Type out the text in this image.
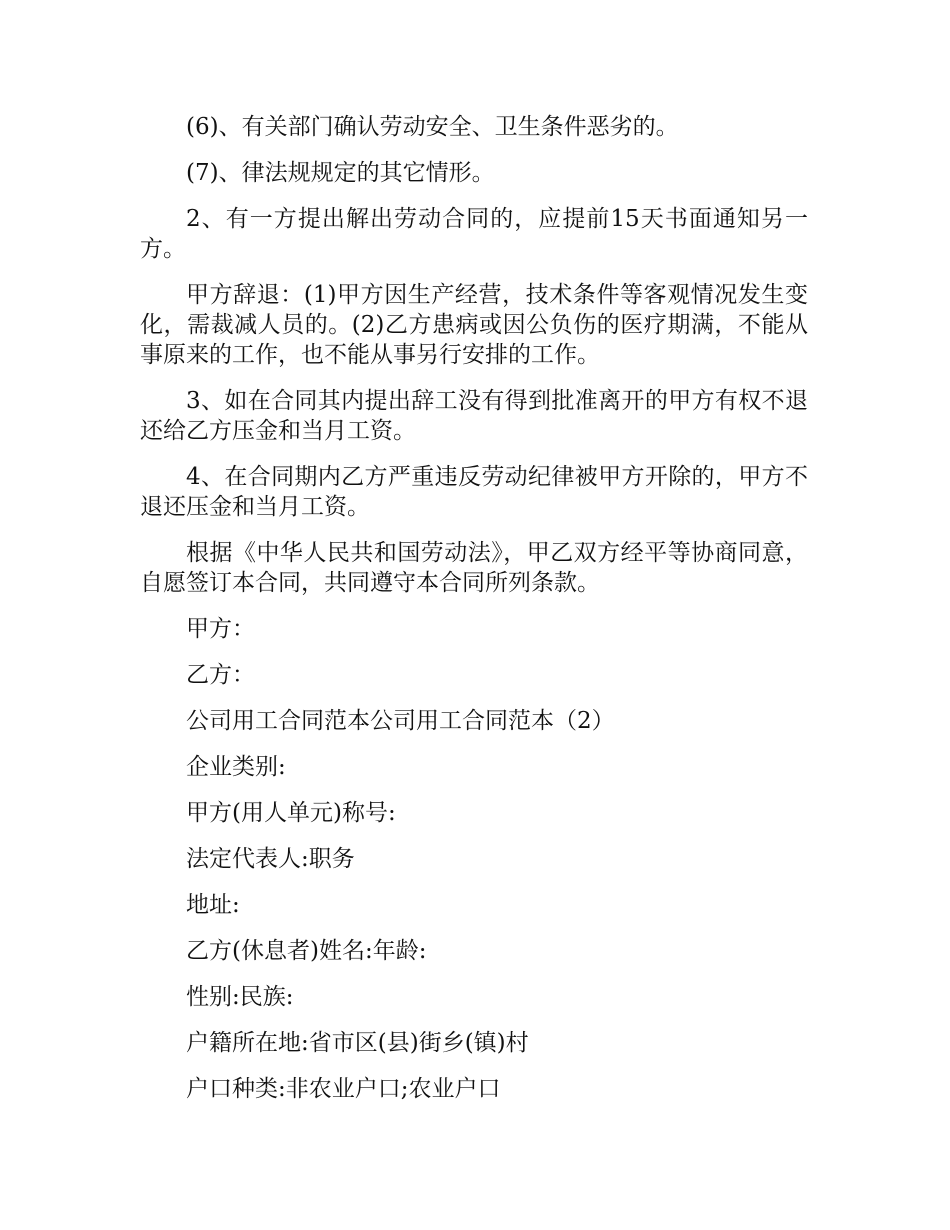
(6)、有关部门确认劳动安全、卫生条件恶劣的。

(7)、律法规规定的其它情形。

2、有一方提出解出劳动合同的，应提前15天书面通知另一方。

甲方辞退：(1)甲方因生产经营，技术条件等客观情况发生变化，需裁减人员的。(2)乙方患病或因公负伤的医疗期满，不能从事原来的工作，也不能从事另行安排的工作。

3、如在合同其内提出辞工没有得到批准离开的甲方有权不退还给乙方压金和当月工资。

4、在合同期内乙方严重违反劳动纪律被甲方开除的，甲方不退还压金和当月工资。

根据《中华人民共和国劳动法》，甲乙双方经平等协商同意，自愿签订本合同，共同遵守本合同所列条款。

甲方：

乙方：

公司用工合同范本公司用工合同范本（2）

企业类别:

甲方(用人单元)称号:

法定代表人:职务

地址:

乙方(休息者)姓名:年龄:

性别:民族:

户籍所在地:省市区(县)街乡(镇)村

户口种类:非农业户口;农业户口
